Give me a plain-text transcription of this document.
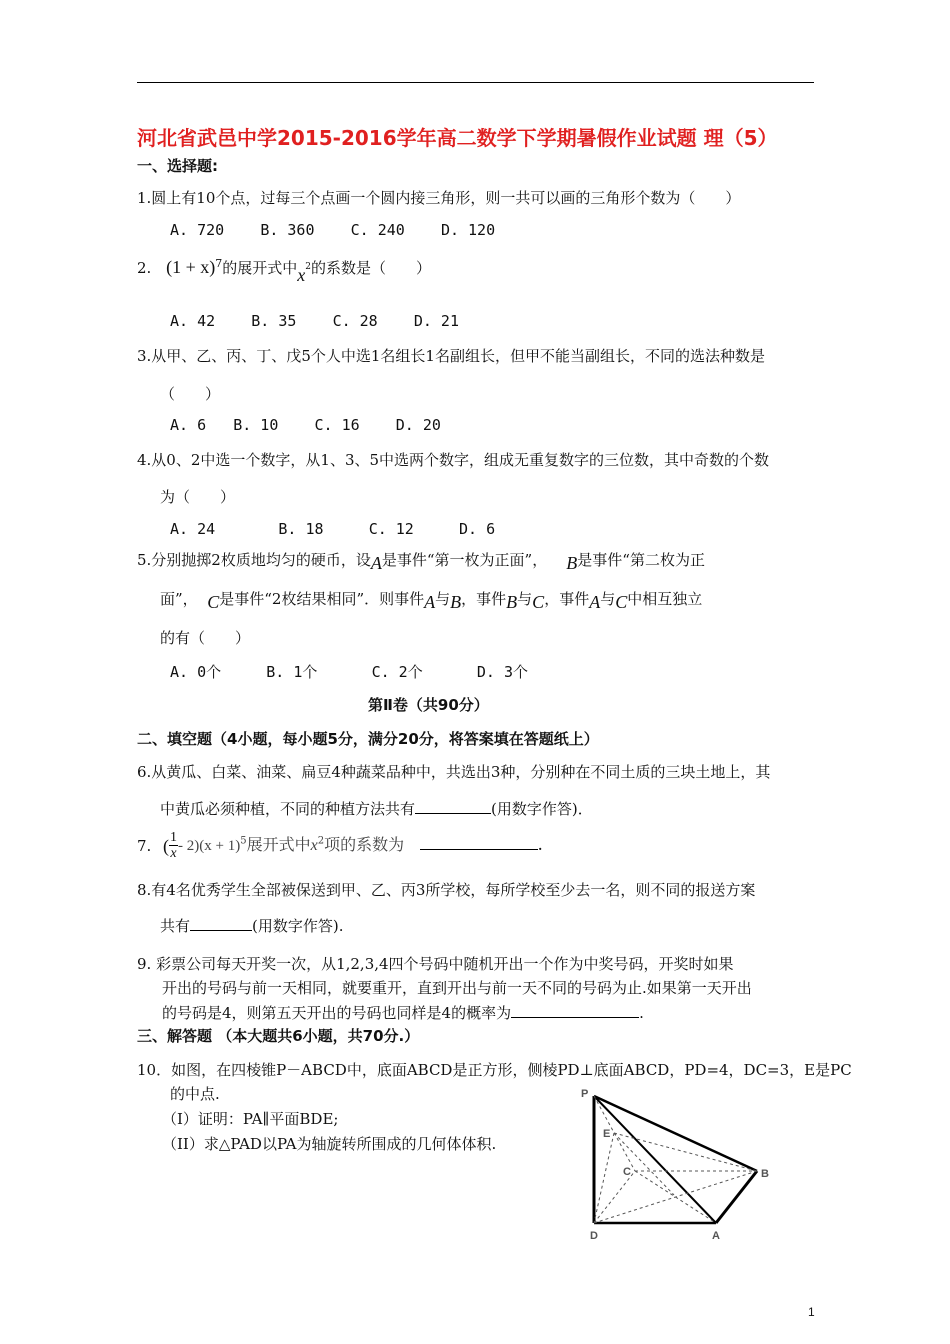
河北省武邑中学2015-2016学年高二数学下学期暑假作业试题 理（5）
一、选择题:
1.圆上有10个点，过每三个点画一个圆内接三角形，则一共可以画的三角形个数为（　　）
A. 720 B. 360 C. 240 D. 120
2. $(1 + x)^7$的展开式中$x^2$的系数是（　　）
A. 42 B. 35 C. 28 D. 21
3.从甲、乙、丙、丁、戊5个人中选1名组长1名副组长，但甲不能当副组长，不同的选法种数是
（　　）
A. 6 B. 10 C. 16 D. 20
4.从0、2中选一个数字，从1、3、5中选两个数字，组成无重复数字的三位数，其中奇数的个数
为（　　）
A. 24	B. 18	C. 12	D. 6
5.分别抛掷2枚质地均匀的硬币，设A是事件“第一枚为正面”， B是事件“第二枚为正
面”， C是事件“2枚结果相同”．则事件A与B，事件B与C，事件A与C中相互独立
的有（　　）
A. 0个	B. 1个	C. 2个	D. 3个
第Ⅱ卷（共90分）
二、填空题（4小题，每小题5分，满分20分，将答案填在答题纸上）
6.从黄瓜、白菜、油菜、扁豆4种蔬菜品种中，共选出3种，分别种在不同土质的三块土地上，其
中黄瓜必须种植，不同的种植方法共有	(用数字作答)．
7. ( $\frac{1}{x} - 2)(x + 1)^5$展开式中$x^2$项的系数为	.
8.有4名优秀学生全部被保送到甲、乙、丙3所学校，每所学校至少去一名，则不同的报送方案
共有	(用数字作答).
9. 彩票公司每天开奖一次，从1,2,3,4四个号码中随机开出一个作为中奖号码，开奖时如果
开出的号码与前一天相同，就要重开，直到开出与前一天不同的号码为止.如果第一天开出
的号码是4，则第五天开出的号码也同样是4的概率为	.
三、解答题 （本大题共6小题，共70分.）
10．如图，在四棱锥P－ABCD中，底面ABCD是正方形，侧棱PD⊥底面ABCD，PD=4，DC=3，E是PC
的中点.
（I）证明：PA∥平面BDE;
（II）求△PAD以PA为轴旋转所围成的几何体体积.
P
E
C	B
D	A
1
